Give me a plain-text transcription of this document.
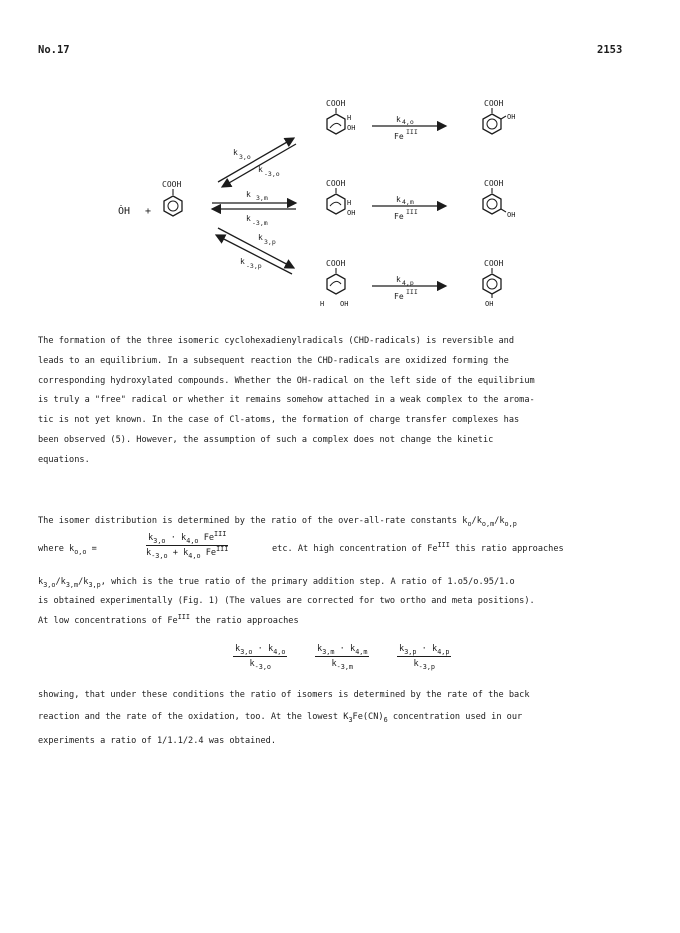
No.17	2153
ȮH +
COOH
k 3,o
k -3,o
k 3,m
k -3,m
k 3,p
k -3,p
COOH
H
OH
COOH
H
OH
COOH
H OH
k 4,o
Fe III
k 4,m
Fe III
k 4,p
Fe III
COOH
OH
COOH
OH
COOH
OH

The formation of the three isomeric cyclohexadienylradicals (CHD-radicals) is reversible and

leads to an equilibrium. In a subsequent reaction the CHD-radicals are oxidized forming the

corresponding hydroxylated compounds. Whether the OH-radical on the left side of the equilibrium

is truly a "free" radical or whether it remains somehow attached in a weak complex to the aroma-

tic is not yet known. In the case of Cl-atoms, the formation of charge transfer complexes has

been observed (5). However, the assumption of such a complex does not change the kinetic

equations.

The isomer distribution is determined by the ratio of the over-all-rate constants $k_o/k_{o,m}/k_{o,p}$
where $k_{o,o}$ =
$k_{3,o} \cdot k_{4,o}$ $Fe^{III}$
$k_{-3,o} + k_{4,o}$ $Fe^{III}$	etc. At high concentration of $Fe^{III}$ this ratio approaches
$k_{3,o}/k_{3,m}/k_{3,p}$, which is the true ratio of the primary addition step. A ratio of 1.o5/o.95/1.o
is obtained experimentally (Fig. 1) (The values are corrected for two ortho and meta positions).
At low concentrations of $Fe^{III}$ the ratio approaches
$\frac{k_{3,o} \cdot k_{4,o}}{k_{-3,o}}$	$\frac{k_{3,m} \cdot k_{4,m}}{k_{-3,m}}$	$\frac{k_{3,p} \cdot k_{4,p}}{k_{-3,p}}$
showing, that under these conditions the ratio of isomers is determined by the rate of the back
reaction and the rate of the oxidation, too. At the lowest $K_3Fe(CN)_6$ concentration used in our
experiments a ratio of 1/1.1/2.4 was obtained.
